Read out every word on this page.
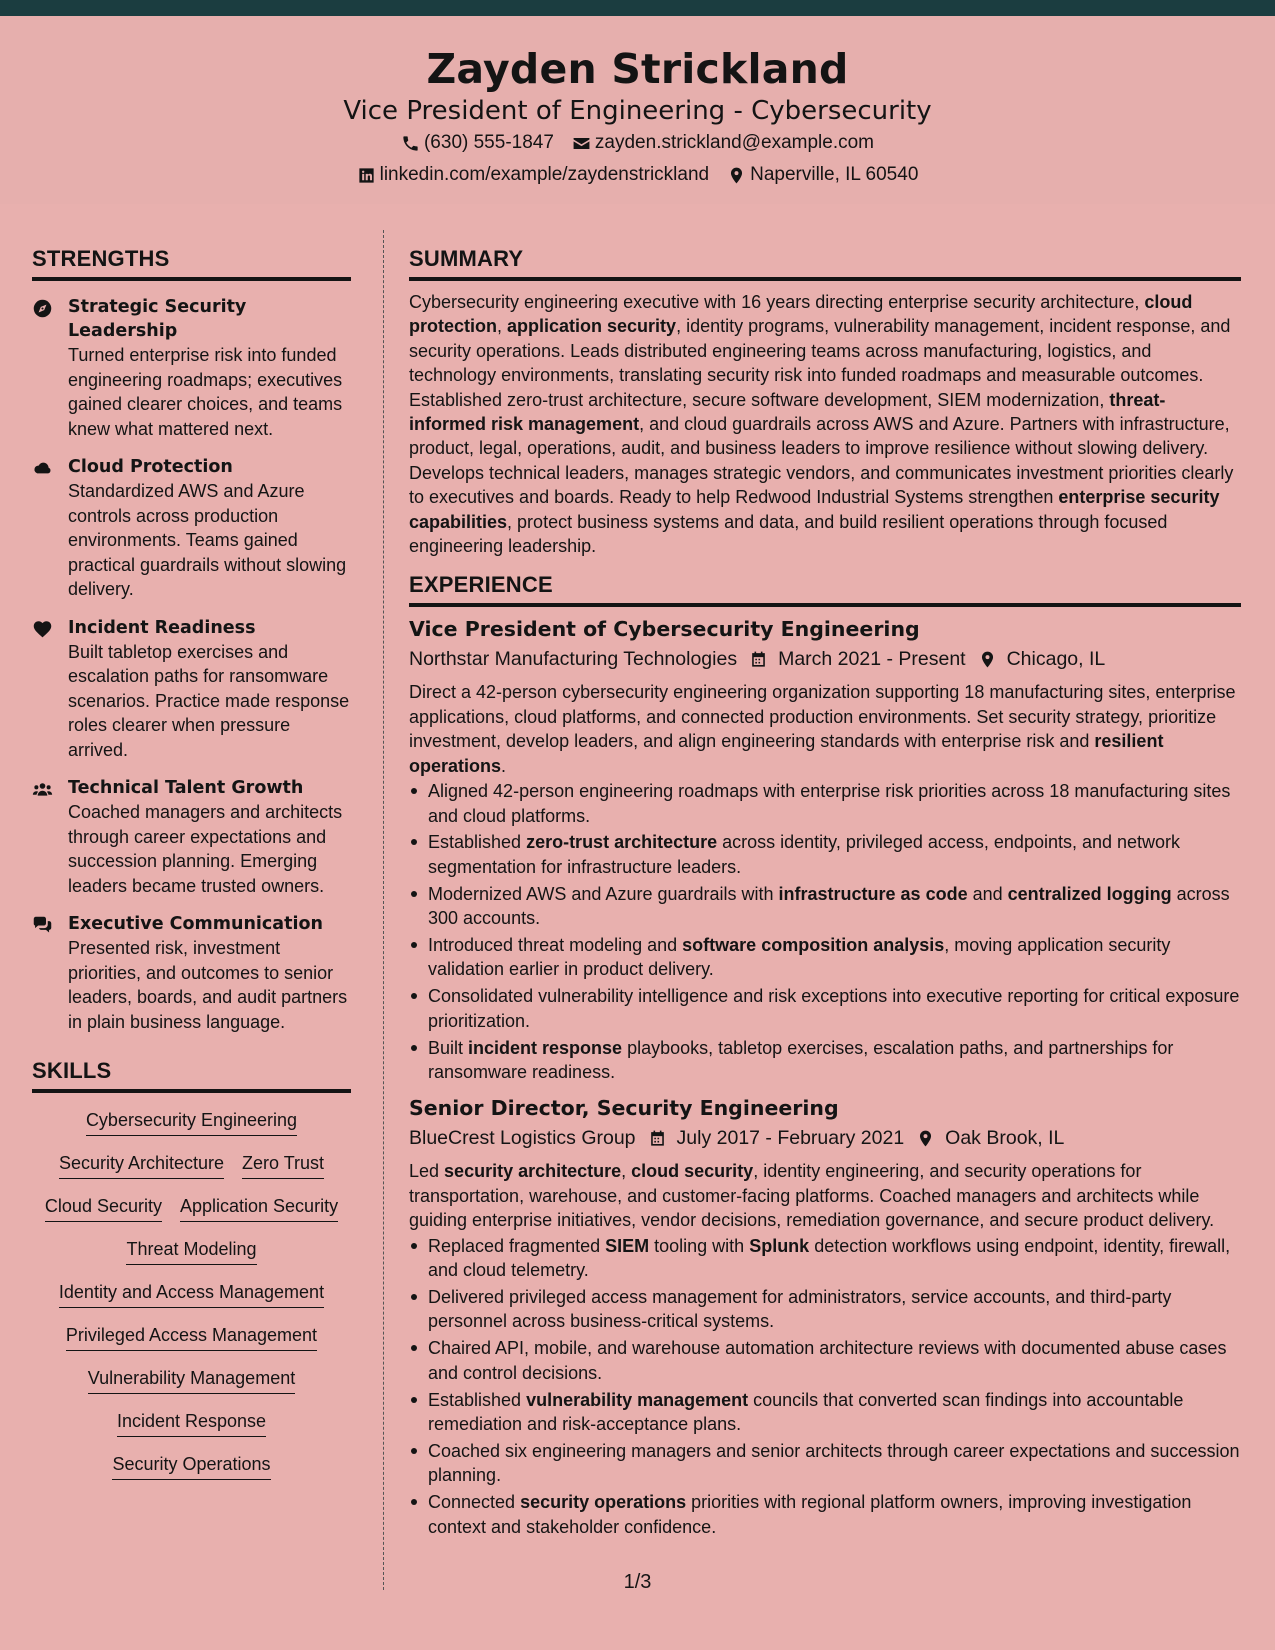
Zayden Strickland
Vice President of Engineering - Cybersecurity
(630) 555-1847 zayden.strickland@example.com
linkedin.com/example/zaydenstrickland Naperville, IL 60540
STRENGTHS
Strategic Security Leadership
Turned enterprise risk into funded engineering roadmaps; executives gained clearer choices, and teams knew what mattered next.
Cloud Protection
Standardized AWS and Azure controls across production environments. Teams gained practical guardrails without slowing delivery.
Incident Readiness
Built tabletop exercises and escalation paths for ransomware scenarios. Practice made response roles clearer when pressure arrived.
Technical Talent Growth
Coached managers and architects through career expectations and succession planning. Emerging leaders became trusted owners.
Executive Communication
Presented risk, investment priorities, and outcomes to senior leaders, boards, and audit partners in plain business language.
SKILLS
Cybersecurity Engineering
Security Architecture Zero Trust
Cloud Security Application Security
Threat Modeling
Identity and Access Management
Privileged Access Management
Vulnerability Management
Incident Response
Security Operations
SUMMARY
Cybersecurity engineering executive with 16 years directing enterprise security architecture, cloud protection, application security, identity programs, vulnerability management, incident response, and security operations. Leads distributed engineering teams across manufacturing, logistics, and technology environments, translating security risk into funded roadmaps and measurable outcomes. Established zero-trust architecture, secure software development, SIEM modernization, threat-informed risk management, and cloud guardrails across AWS and Azure. Partners with infrastructure, product, legal, operations, audit, and business leaders to improve resilience without slowing delivery. Develops technical leaders, manages strategic vendors, and communicates investment priorities clearly to executives and boards. Ready to help Redwood Industrial Systems strengthen enterprise security capabilities, protect business systems and data, and build resilient operations through focused engineering leadership.
EXPERIENCE
Vice President of Cybersecurity Engineering
Northstar Manufacturing Technologies March 2021 - Present Chicago, IL
Direct a 42-person cybersecurity engineering organization supporting 18 manufacturing sites, enterprise applications, cloud platforms, and connected production environments. Set security strategy, prioritize investment, develop leaders, and align engineering standards with enterprise risk and resilient operations.
Aligned 42-person engineering roadmaps with enterprise risk priorities across 18 manufacturing sites and cloud platforms.
Established zero-trust architecture across identity, privileged access, endpoints, and network segmentation for infrastructure leaders.
Modernized AWS and Azure guardrails with infrastructure as code and centralized logging across 300 accounts.
Introduced threat modeling and software composition analysis, moving application security validation earlier in product delivery.
Consolidated vulnerability intelligence and risk exceptions into executive reporting for critical exposure prioritization.
Built incident response playbooks, tabletop exercises, escalation paths, and partnerships for ransomware readiness.
Senior Director, Security Engineering
BlueCrest Logistics Group July 2017 - February 2021 Oak Brook, IL
Led security architecture, cloud security, identity engineering, and security operations for transportation, warehouse, and customer-facing platforms. Coached managers and architects while guiding enterprise initiatives, vendor decisions, remediation governance, and secure product delivery.
Replaced fragmented SIEM tooling with Splunk detection workflows using endpoint, identity, firewall, and cloud telemetry.
Delivered privileged access management for administrators, service accounts, and third-party personnel across business-critical systems.
Chaired API, mobile, and warehouse automation architecture reviews with documented abuse cases and control decisions.
Established vulnerability management councils that converted scan findings into accountable remediation and risk-acceptance plans.
Coached six engineering managers and senior architects through career expectations and succession planning.
Connected security operations priorities with regional platform owners, improving investigation context and stakeholder confidence.
1/3
